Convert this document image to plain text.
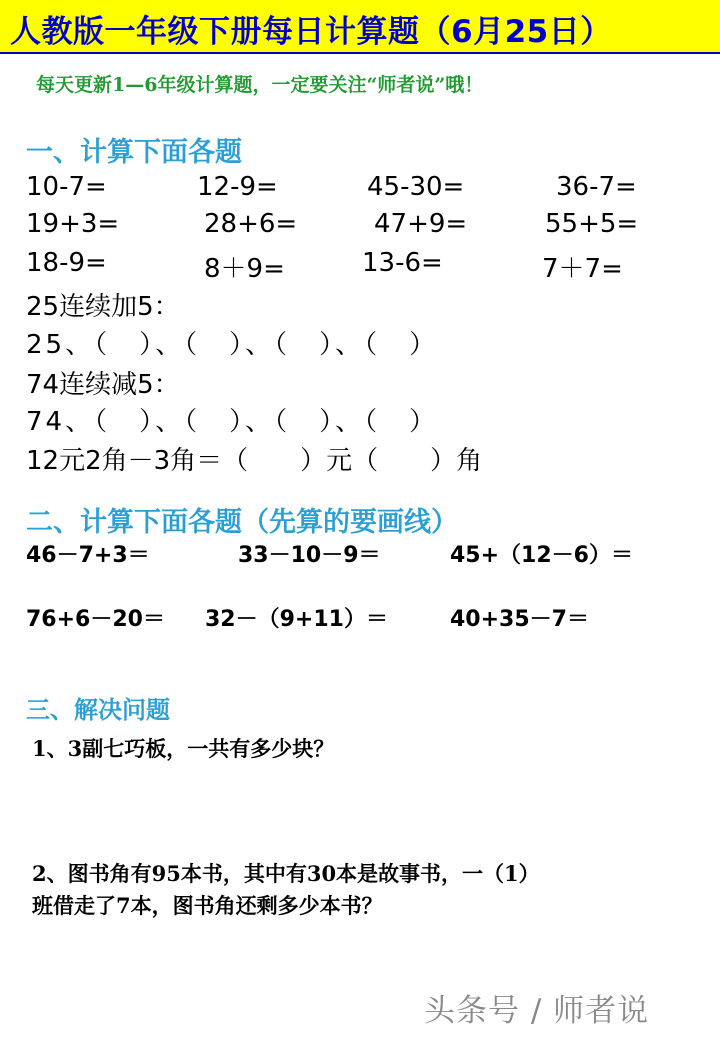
人教版一年级下册每日计算题（6月25日）
每天更新1—6年级计算题，一定要关注“师者说”哦！
一、计算下面各题
10-7=	12-9=	45-30=	36-7=
19+3=	28+6=	47+9=	55+5=
18-9=	8＋9=	13-6=	7＋7=
25连续加5：
25、（　）、（　）、（　）、（　）
74连续减5：
74、（　）、（　）、（　）、（　）
12元2角－3角＝（　　）元（　　）角
二、计算下面各题（先算的要画线）
46－7+3＝	33－10－9＝	45+（12－6）＝
76+6－20＝ 32－（9+11）＝	40+35－7＝
三、解决问题
1、3副七巧板，一共有多少块？
2、图书角有95本书，其中有30本是故事书，一（1）
班借走了7本，图书角还剩多少本书？
头条号 / 师者说
